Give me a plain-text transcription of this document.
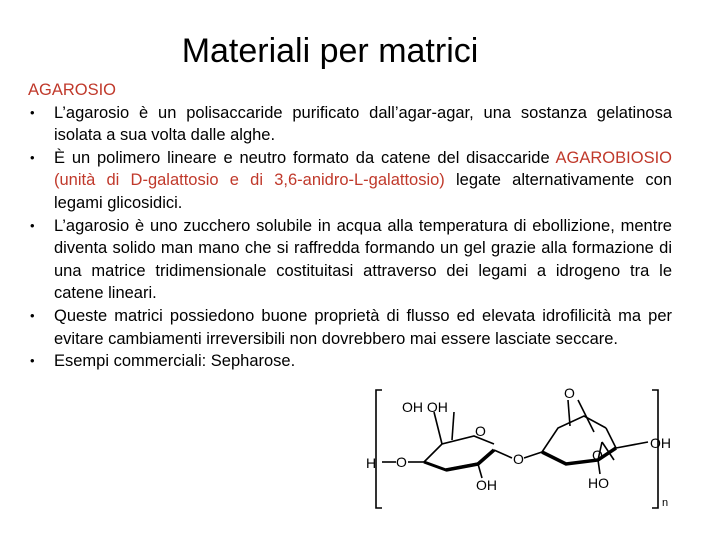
Materiali per matrici

AGAROSIO

• L’agarosio è un polisaccaride purificato dall’agar-agar, una sostanza gelatinosa isolata a sua volta dalle alghe.
• È un polimero lineare e neutro formato da catene del disaccaride AGAROBIOSIO (unità di D-galattosio e di 3,6-anidro-L-galattosio) legate alternativamente con legami glicosidici.
• L’agarosio è uno zucchero solubile in acqua alla temperatura di ebollizione, mentre diventa solido man mano che si raffredda formando un gel grazie alla formazione di una matrice tridimensionale costituitasi attraverso dei legami a idrogeno tra le catene lineari.
• Queste matrici possiedono buone proprietà di flusso ed elevata idrofilicità ma per evitare cambiamenti irreversibili non dovrebbero mai essere lasciate seccare.
• Esempi commerciali: Sepharose.
OH OH
O
OH
H O	O
O
O
HO
OH
n
